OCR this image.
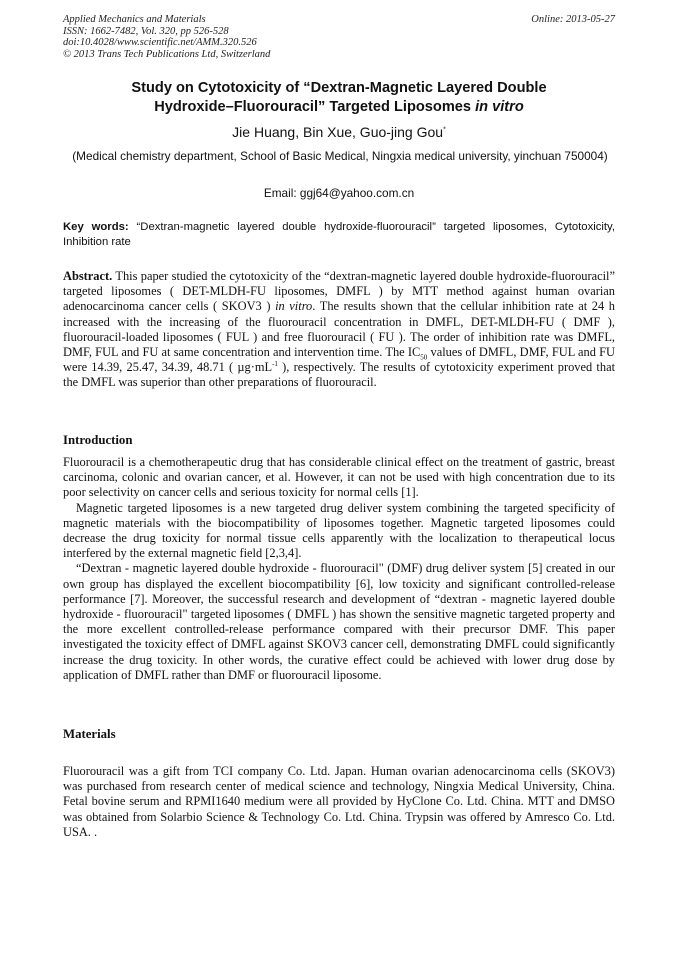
Applied Mechanics and Materials
ISSN: 1662-7482, Vol. 320, pp 526-528
doi:10.4028/www.scientific.net/AMM.320.526
© 2013 Trans Tech Publications Ltd, Switzerland
Online: 2013-05-27
Study on Cytotoxicity of “Dextran-Magnetic Layered Double
Hydroxide–Fluorouracil” Targeted Liposomes in vitro
Jie Huang, Bin Xue, Guo-jing Gou*
(Medical chemistry department, School of Basic Medical, Ningxia medical university, yinchuan 750004)
Email: ggj64@yahoo.com.cn
Key words: “Dextran-magnetic layered double hydroxide-fluorouracil” targeted liposomes, Cytotoxicity, Inhibition rate
Abstract. This paper studied the cytotoxicity of the “dextran-magnetic layered double hydroxide-fluorouracil” targeted liposomes ( DET-MLDH-FU liposomes, DMFL ) by MTT method against human ovarian adenocarcinoma cancer cells ( SKOV3 ) in vitro. The results shown that the cellular inhibition rate at 24 h increased with the increasing of the fluorouracil concentration in DMFL, DET-MLDH-FU ( DMF ), fluorouracil-loaded liposomes ( FUL ) and free fluorouracil ( FU ). The order of inhibition rate was DMFL, DMF, FUL and FU at same concentration and intervention time. The $IC_{50}$ values of DMFL, DMF, FUL and FU were 14.39, 25.47, 34.39, 48.71 ( $\mu g\cdot mL^{-1}$ ), respectively. The results of cytotoxicity experiment proved that the DMFL was superior than other preparations of fluorouracil.
Introduction

Fluorouracil is a chemotherapeutic drug that has considerable clinical effect on the treatment of gastric, breast carcinoma, colonic and ovarian cancer, et al. However, it can not be used with high concentration due to its poor selectivity on cancer cells and serious toxicity for normal cells [1].

Magnetic targeted liposomes is a new targeted drug deliver system combining the targeted specificity of magnetic materials with the biocompatibility of liposomes together. Magnetic targeted liposomes could decrease the drug toxicity for normal tissue cells apparently with the localization to therapeutical locus interfered by the external magnetic field [2,3,4].

“Dextran - magnetic layered double hydroxide - fluorouracil" (DMF) drug deliver system [5] created in our own group has displayed the excellent biocompatibility [6], low toxicity and significant controlled-release performance [7]. Moreover, the successful research and development of “dextran - magnetic layered double hydroxide - fluorouracil" targeted liposomes ( DMFL ) has shown the sensitive magnetic targeted property and the more excellent controlled-release performance compared with their precursor DMF. This paper investigated the toxicity effect of DMFL against SKOV3 cancer cell, demonstrating DMFL could significantly increase the drug toxicity. In other words, the curative effect could be achieved with lower drug dose by application of DMFL rather than DMF or fluorouracil liposome.

Materials

Fluorouracil was a gift from TCI company Co. Ltd. Japan. Human ovarian adenocarcinoma cells (SKOV3) was purchased from research center of medical science and technology, Ningxia Medical University, China. Fetal bovine serum and RPMI1640 medium were all provided by HyClone Co. Ltd. China. MTT and DMSO was obtained from Solarbio Science & Technology Co. Ltd. China. Trypsin was offered by Amresco Co. Ltd. USA. .
